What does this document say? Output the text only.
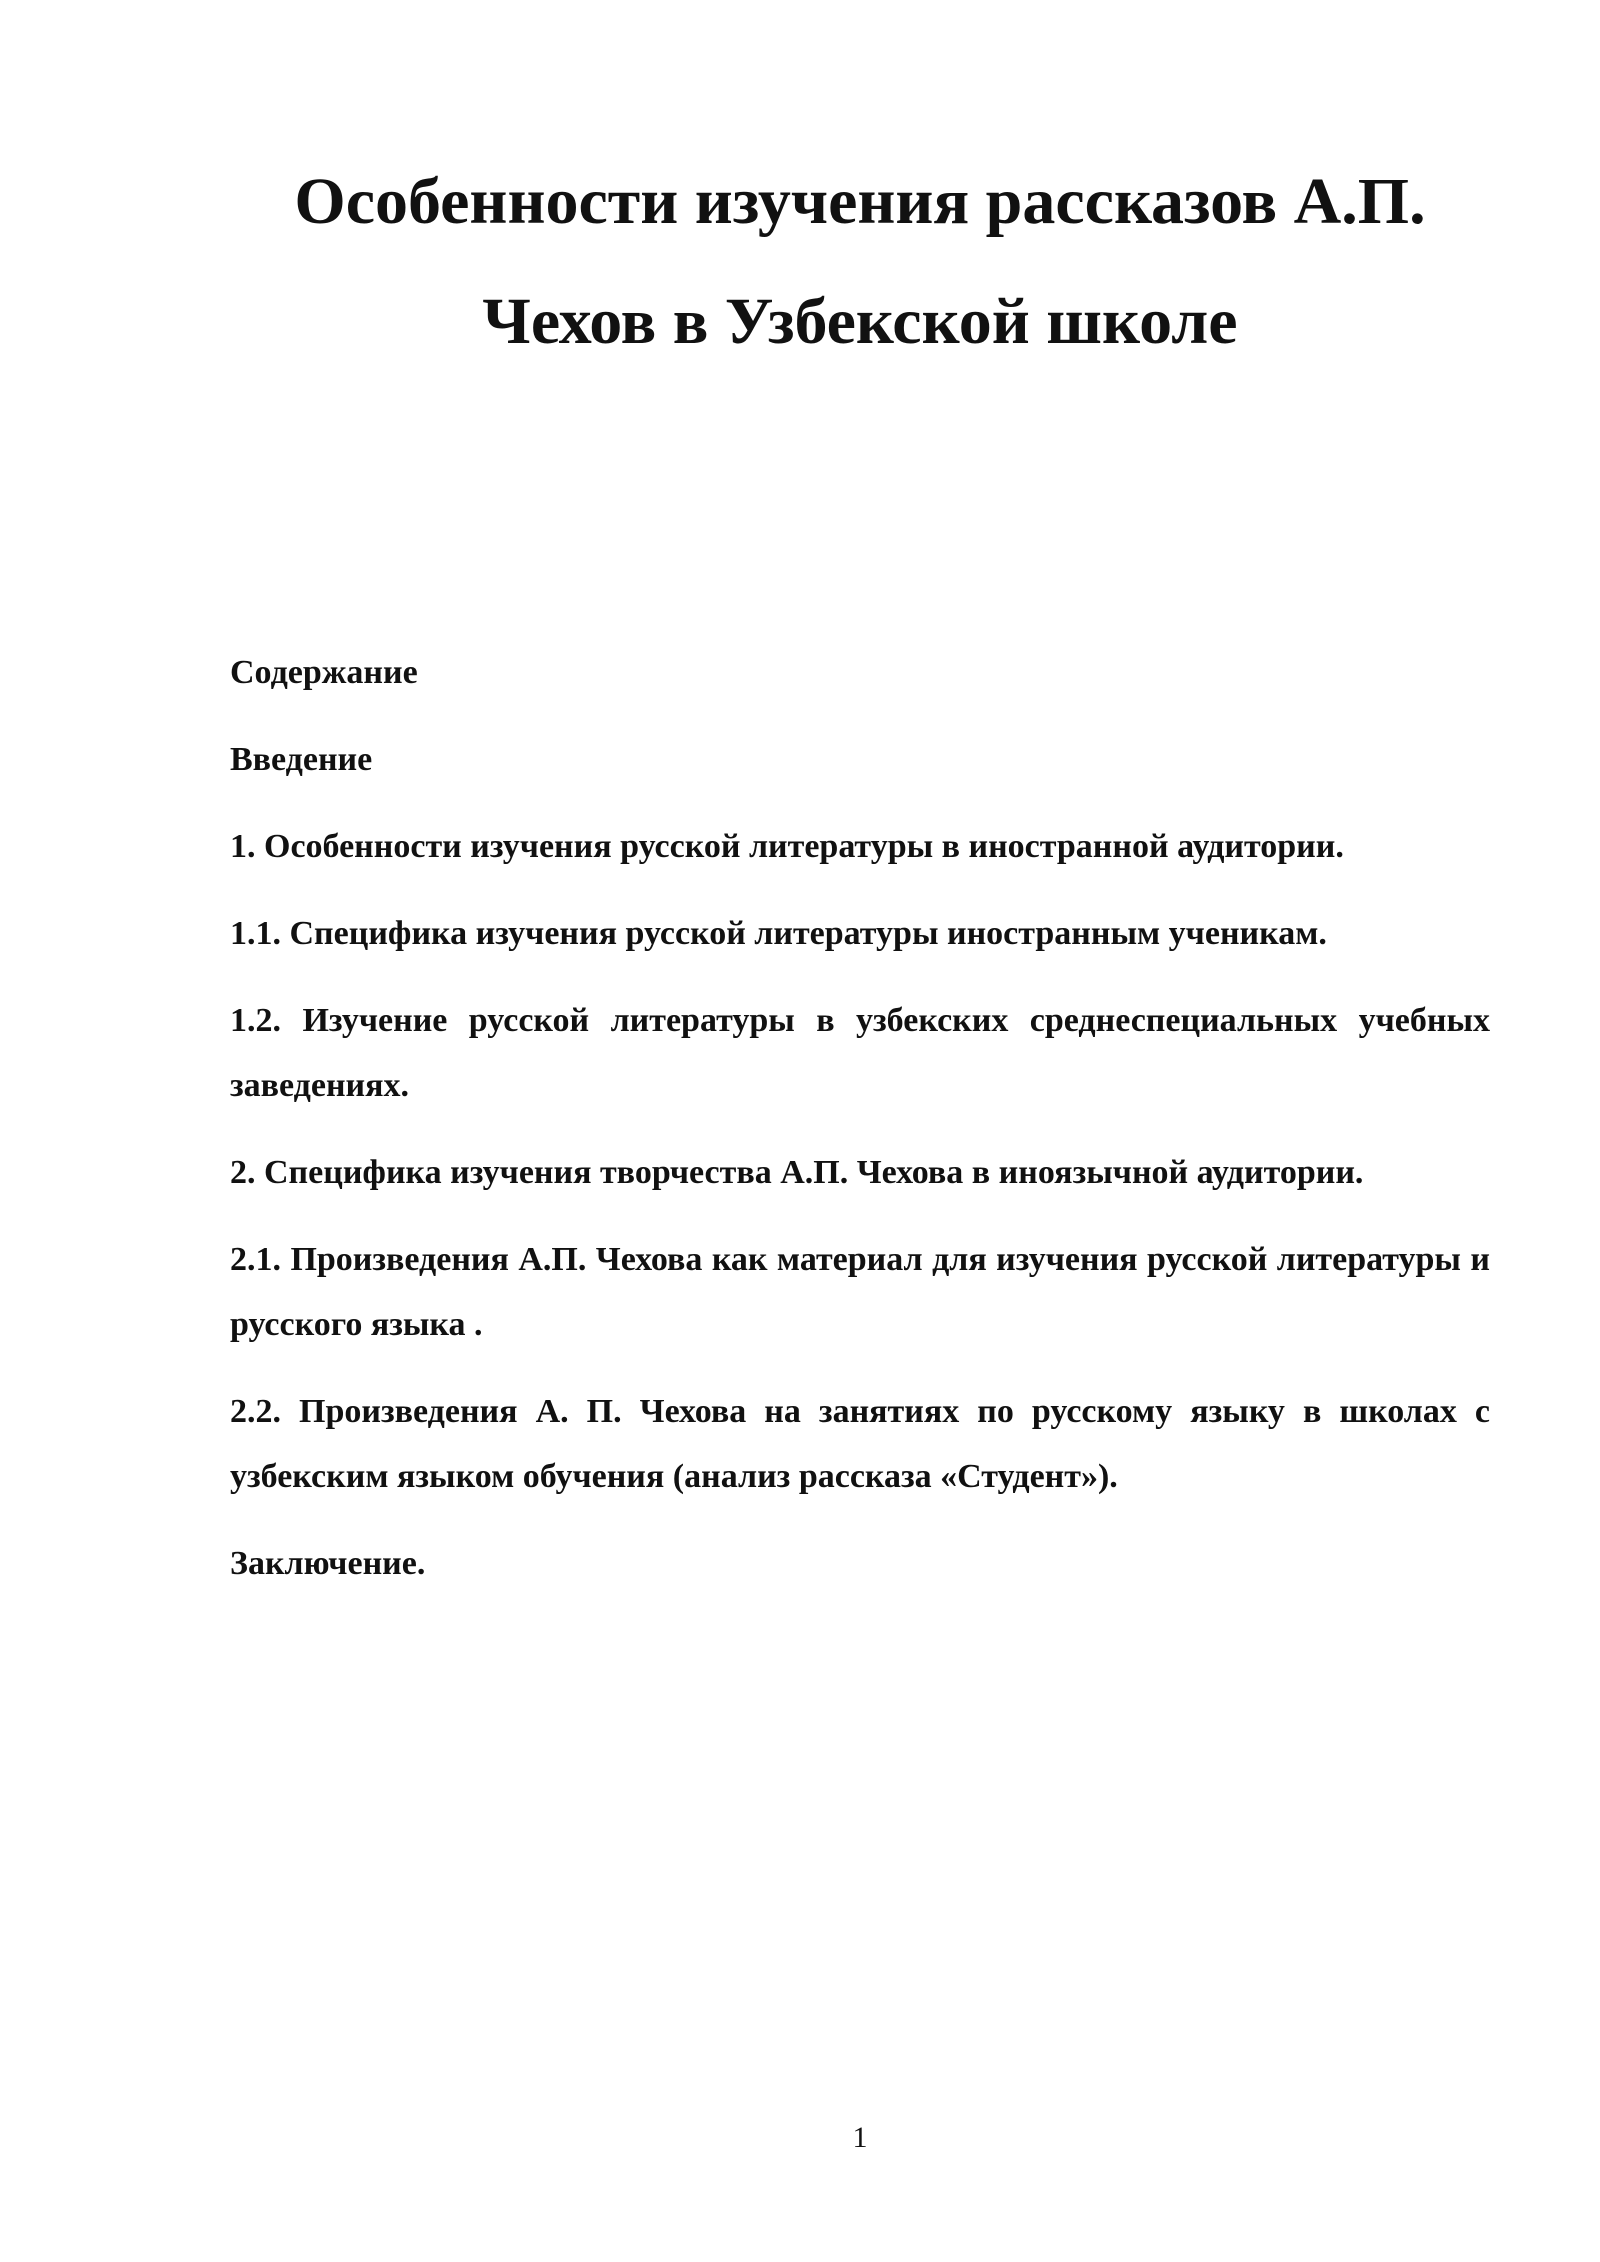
Особенности изучения рассказов А.П.
Чехов в Узбекской школе

Содержание

Введение

1. Особенности изучения русской литературы в иностранной аудитории.

1.1. Специфика изучения русской литературы иностранным ученикам.

1.2. Изучение русской литературы в узбекских среднеспециальных учебных заведениях.

2. Специфика изучения творчества А.П. Чехова в иноязычной аудитории.

2.1. Произведения А.П. Чехова как материал для изучения русской литературы и русского языка .

2.2. Произведения А. П. Чехова на занятиях по русскому языку в школах с узбекским языком обучения (анализ рассказа «Студент»).

Заключение.

1
